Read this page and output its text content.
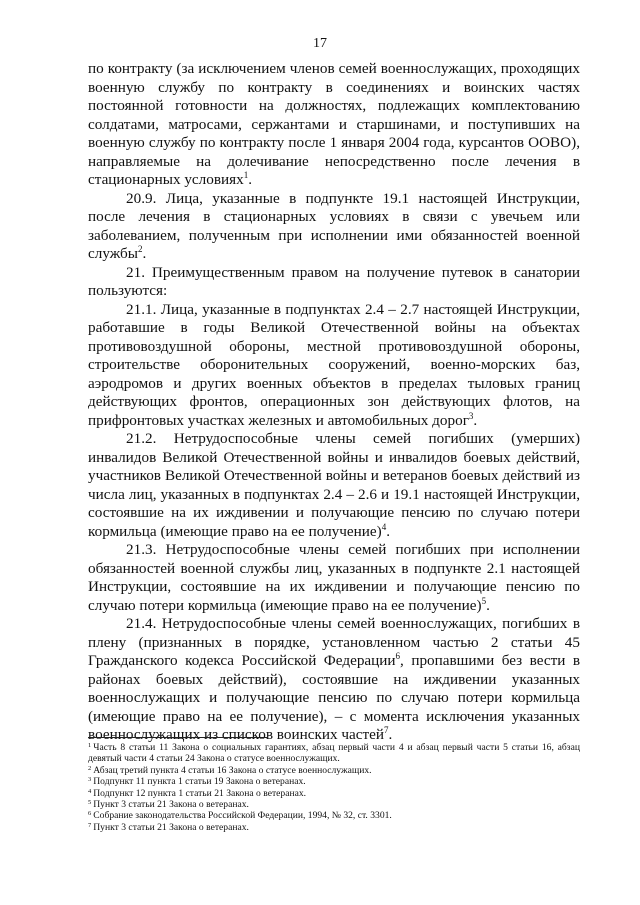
17

по контракту (за исключением членов семей военнослужащих, проходящих военную службу по контракту в соединениях и воинских частях постоянной готовности на должностях, подлежащих комплектованию солдатами, матросами, сержантами и старшинами, и поступивших на военную службу по контракту после 1 января 2004 года, курсантов ООВО), направляемые на долечивание непосредственно после лечения в стационарных условиях$^1$.

20.9. Лица, указанные в подпункте 19.1 настоящей Инструкции, после лечения в стационарных условиях в связи с увечьем или заболеванием, полученным при исполнении ими обязанностей военной службы$^2$.

21. Преимущественным правом на получение путевок в санатории пользуются:

21.1. Лица, указанные в подпунктах 2.4 – 2.7 настоящей Инструкции, работавшие в годы Великой Отечественной войны на объектах противовоздушной обороны, местной противовоздушной обороны, строительстве оборонительных сооружений, военно-морских баз, аэродромов и других военных объектов в пределах тыловых границ действующих фронтов, операционных зон действующих флотов, на прифронтовых участках железных и автомобильных дорог$^3$.

21.2. Нетрудоспособные члены семей погибших (умерших) инвалидов Великой Отечественной войны и инвалидов боевых действий, участников Великой Отечественной войны и ветеранов боевых действий из числа лиц, указанных в подпунктах 2.4 – 2.6 и 19.1 настоящей Инструкции, состоявшие на их иждивении и получающие пенсию по случаю потери кормильца (имеющие право на ее получение)$^4$.

21.3. Нетрудоспособные члены семей погибших при исполнении обязанностей военной службы лиц, указанных в подпункте 2.1 настоящей Инструкции, состоявшие на их иждивении и получающие пенсию по случаю потери кормильца (имеющие право на ее получение)$^5$.

21.4. Нетрудоспособные члены семей военнослужащих, погибших в плену (признанных в порядке, установленном частью 2 статьи 45 Гражданского кодекса Российской Федерации$^6$, пропавшими без вести в районах боевых действий), состоявшие на иждивении указанных военнослужащих и получающие пенсию по случаю потери кормильца (имеющие право на ее получение), – с момента исключения указанных военнослужащих из списков воинских частей$^7$.

$^1$ Часть 8 статьи 11 Закона о социальных гарантиях, абзац первый части 4 и абзац первый части 5 статьи 16, абзац девятый части 4 статьи 24 Закона о статусе военнослужащих.

$^2$ Абзац третий пункта 4 статьи 16 Закона о статусе военнослужащих.

$^3$ Подпункт 11 пункта 1 статьи 19 Закона о ветеранах.

$^4$ Подпункт 12 пункта 1 статьи 21 Закона о ветеранах.

$^5$ Пункт 3 статьи 21 Закона о ветеранах.

$^6$ Собрание законодательства Российской Федерации, 1994, № 32, ст. 3301.

$^7$ Пункт 3 статьи 21 Закона о ветеранах.
